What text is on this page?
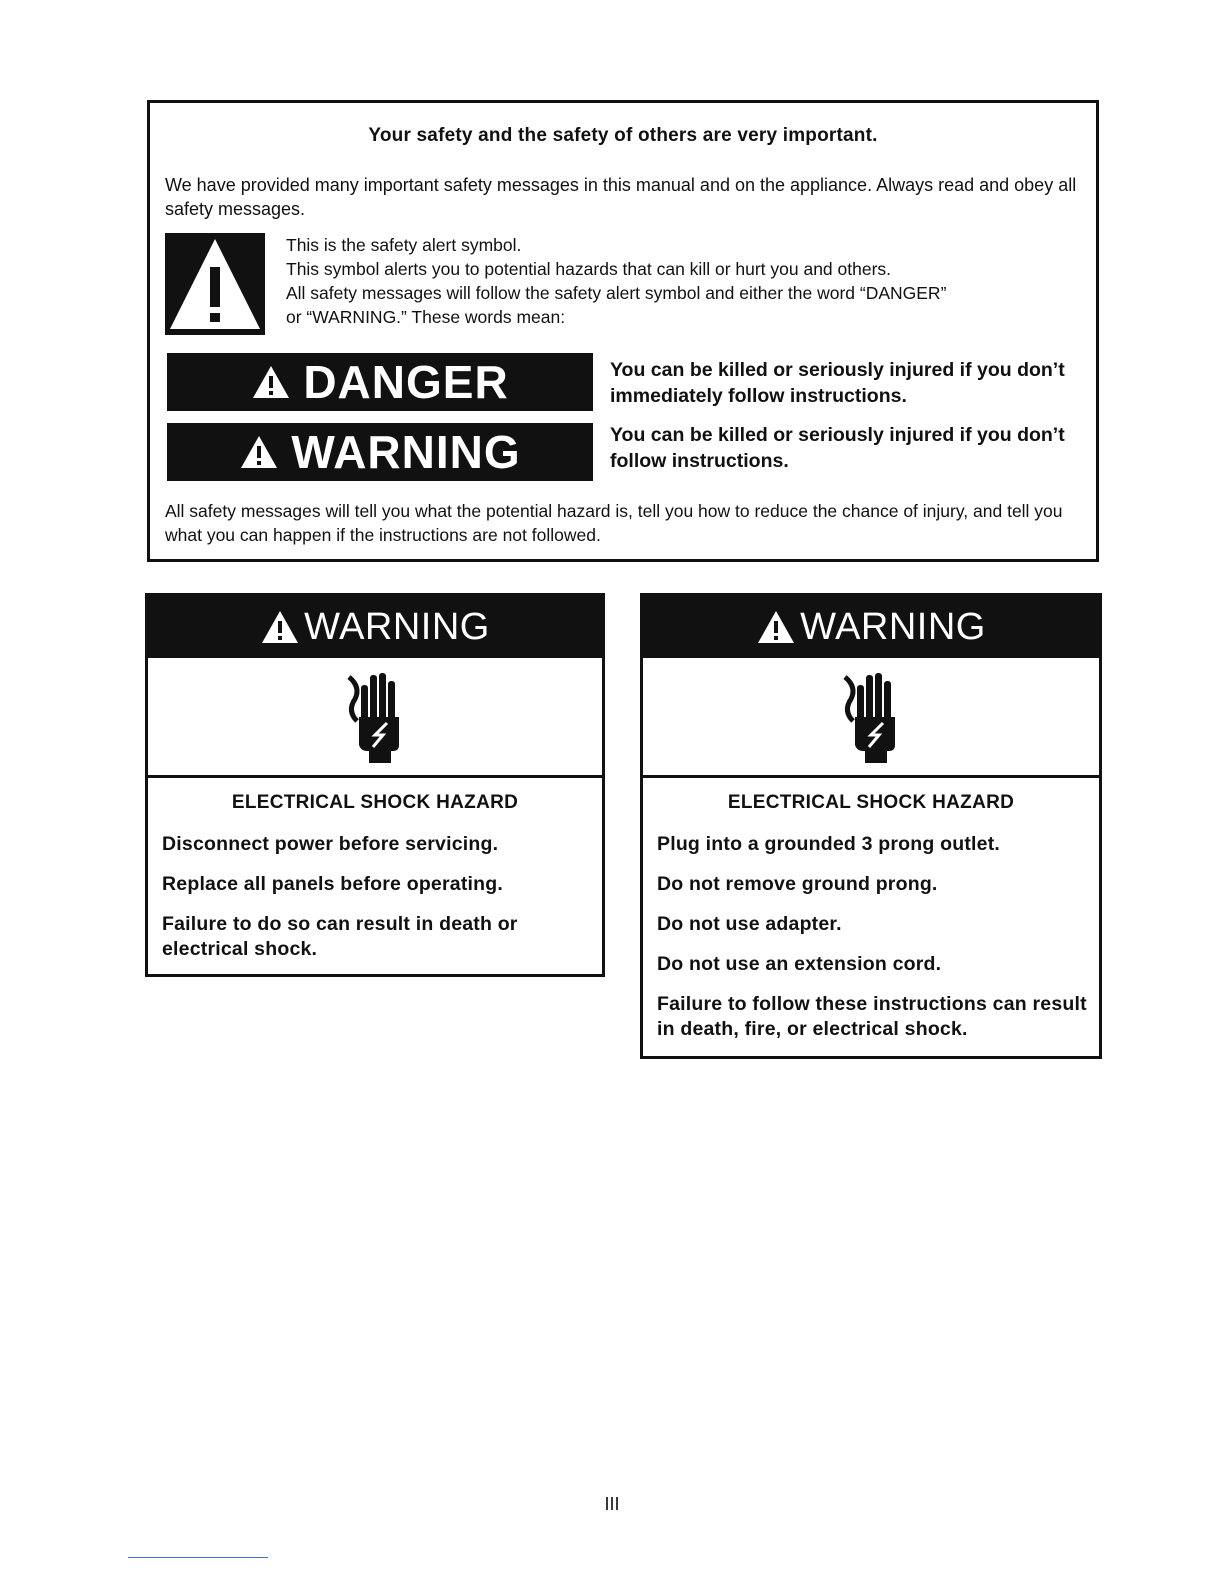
Your safety and the safety of others are very important.
We have provided many important safety messages in this manual and on the appliance. Always read and obey all safety messages.
This is the safety alert symbol.
This symbol alerts you to potential hazards that can kill or hurt you and others.
All safety messages will follow the safety alert symbol and either the word “DANGER”
or “WARNING.” These words mean:
DANGER	You can be killed or seriously injured if you don’t immediately follow instructions.
WARNING	You can be killed or seriously injured if you don’t follow instructions.
All safety messages will tell you what the potential hazard is, tell you how to reduce the chance of injury, and tell you what you can happen if the instructions are not followed.
WARNING
ELECTRICAL SHOCK HAZARD
Disconnect power before servicing.
Replace all panels before operating.
Failure to do so can result in death or electrical shock.
WARNING
ELECTRICAL SHOCK HAZARD
Plug into a grounded 3 prong outlet.
Do not remove ground prong.
Do not use adapter.
Do not use an extension cord.
Failure to follow these instructions can result in death, fire, or electrical shock.
III
